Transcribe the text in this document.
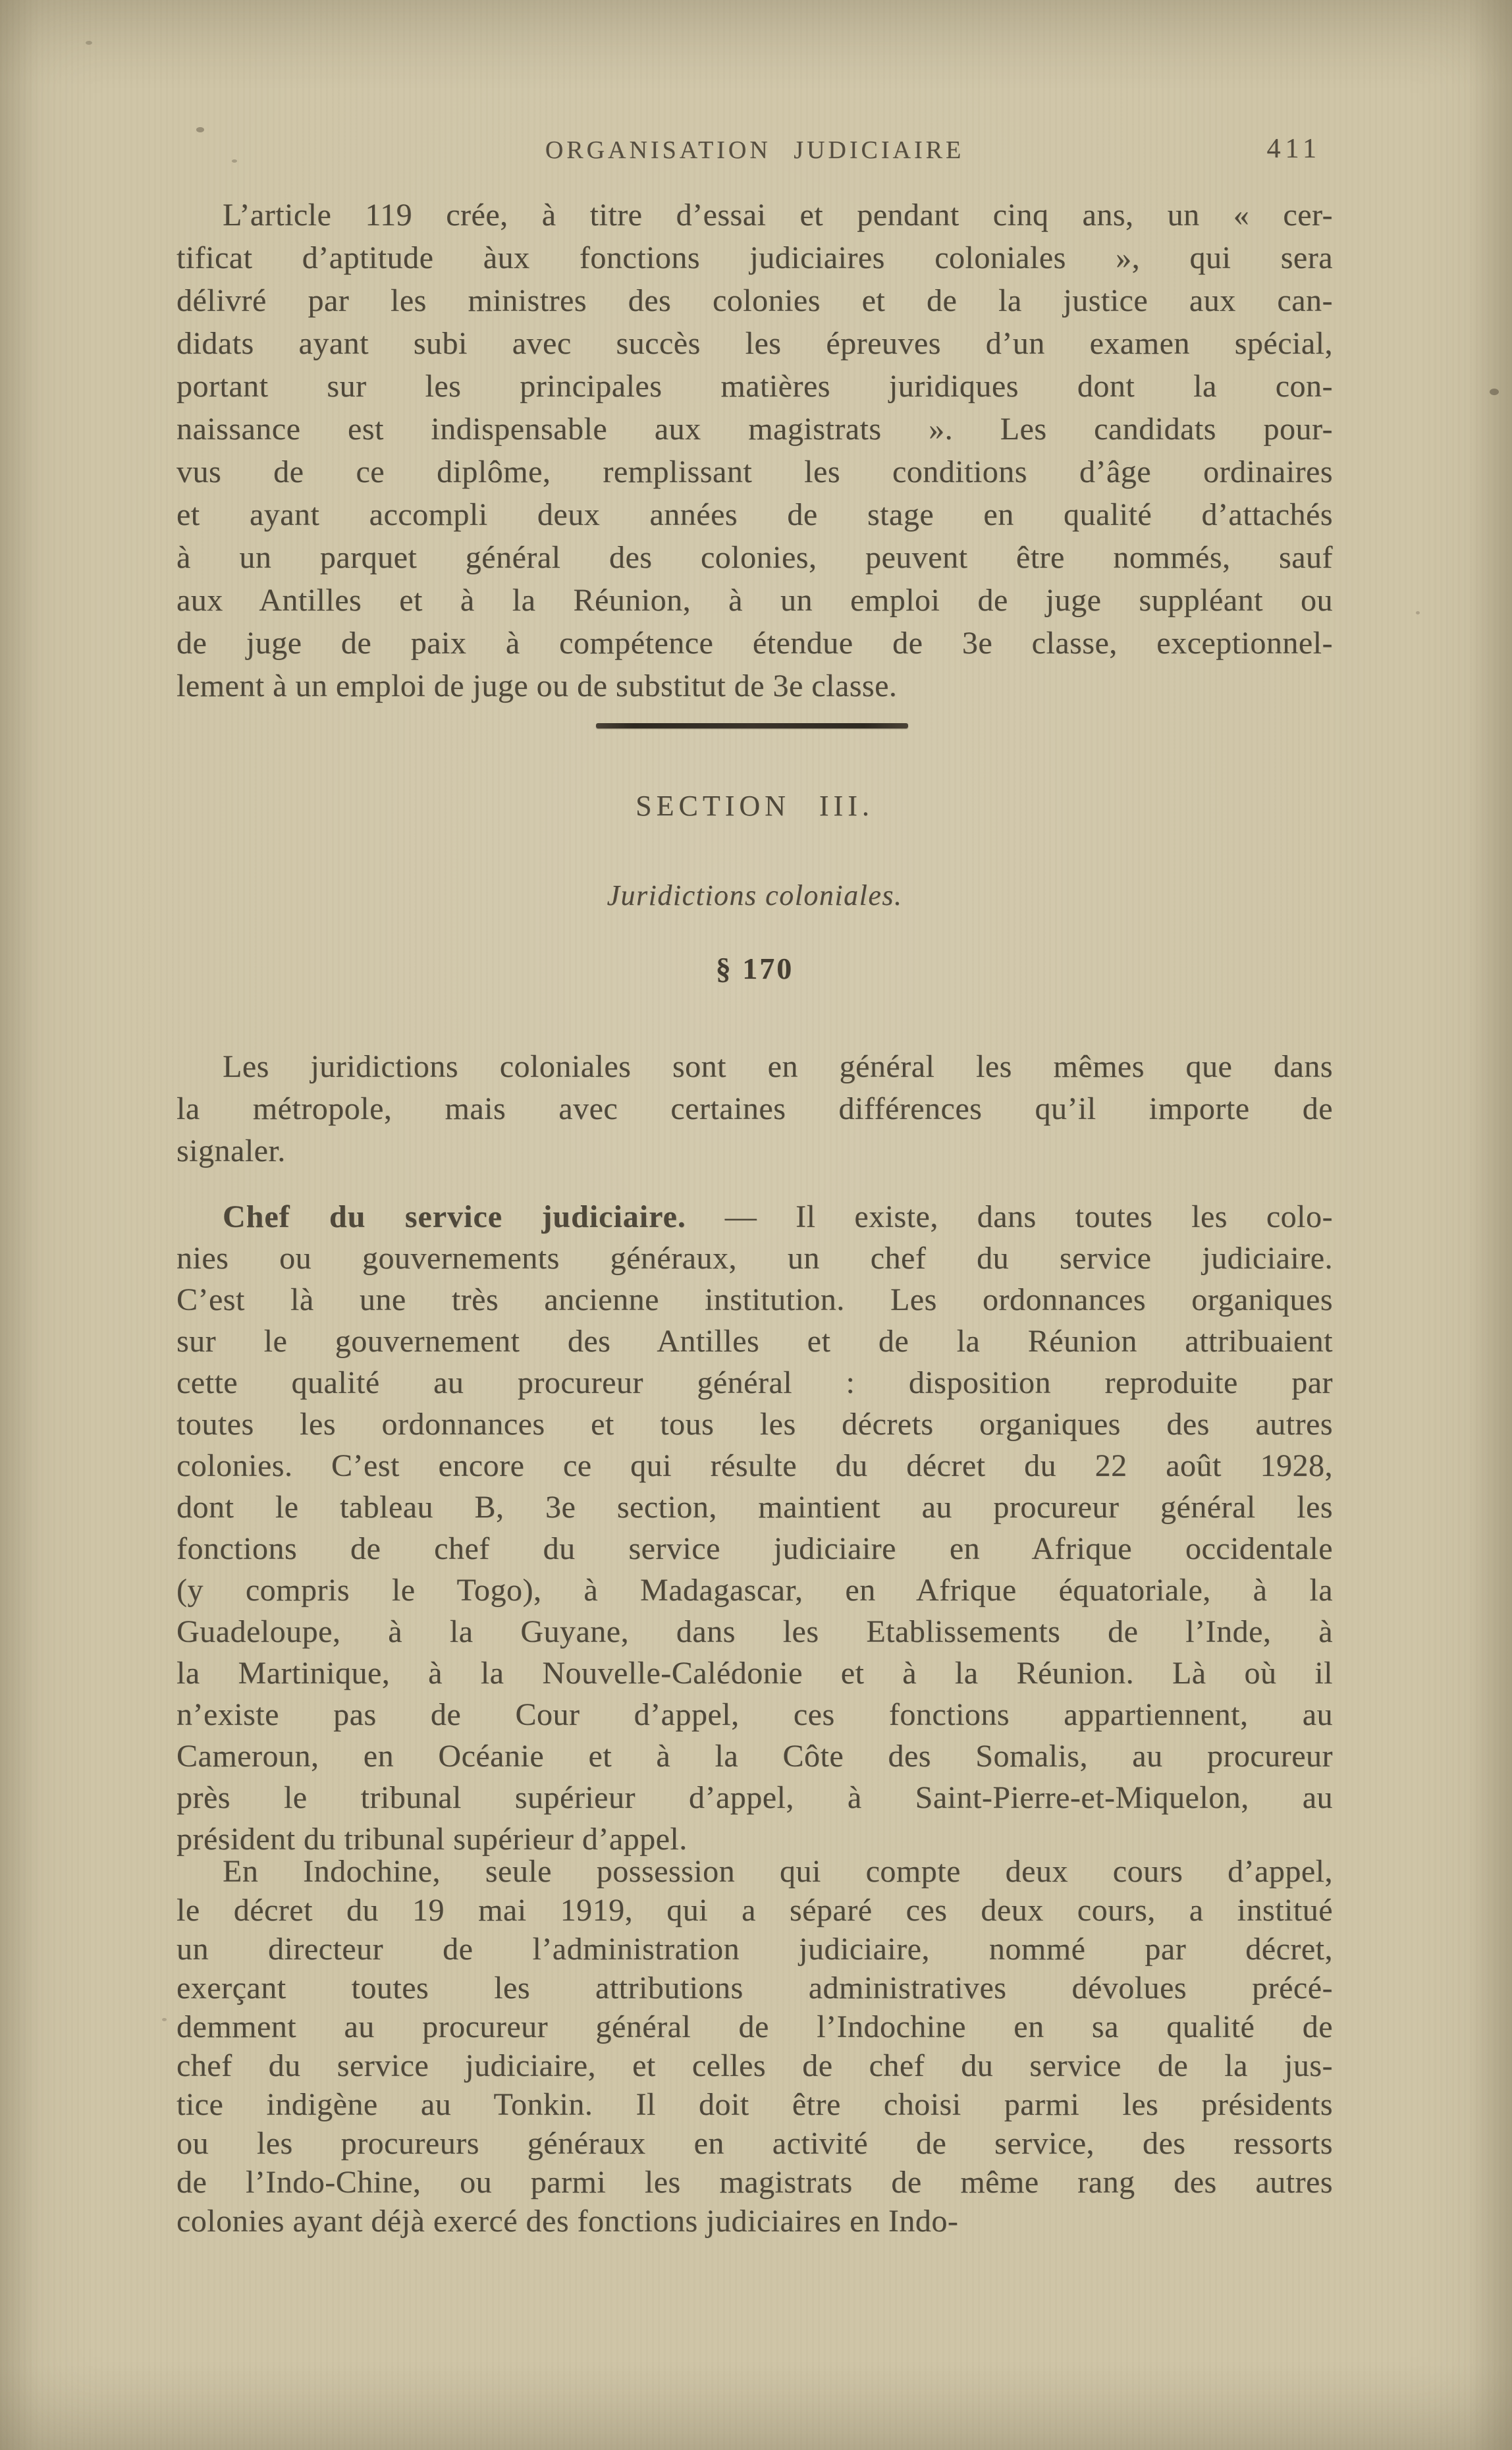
ORGANISATION JUDICIAIRE	411
L’article 119 crée, à titre d’essai et pendant cinq ans, un « cer-
tificat d’aptitude àux fonctions judiciaires coloniales », qui sera
délivré par les ministres des colonies et de la justice aux can-
didats ayant subi avec succès les épreuves d’un examen spécial,
portant sur les principales matières juridiques dont la con-
naissance est indispensable aux magistrats ». Les candidats pour-
vus de ce diplôme, remplissant les conditions d’âge ordinaires
et ayant accompli deux années de stage en qualité d’attachés
à un parquet général des colonies, peuvent être nommés, sauf
aux Antilles et à la Réunion, à un emploi de juge suppléant ou
de juge de paix à compétence étendue de 3e classe, exceptionnel-
lement à un emploi de juge ou de substitut de 3e classe.
SECTION III.
Juridictions coloniales.
§ 170
Les juridictions coloniales sont en général les mêmes que dans
la métropole, mais avec certaines différences qu’il importe de
signaler.
Chef du service judiciaire. — Il existe, dans toutes les colo-
nies ou gouvernements généraux, un chef du service judiciaire.
C’est là une très ancienne institution. Les ordonnances organiques
sur le gouvernement des Antilles et de la Réunion attribuaient
cette qualité au procureur général : disposition reproduite par
toutes les ordonnances et tous les décrets organiques des autres
colonies. C’est encore ce qui résulte du décret du 22 août 1928,
dont le tableau B, 3e section, maintient au procureur général les
fonctions de chef du service judiciaire en Afrique occidentale
(y compris le Togo), à Madagascar, en Afrique équatoriale, à la
Guadeloupe, à la Guyane, dans les Etablissements de l’Inde, à
la Martinique, à la Nouvelle-Calédonie et à la Réunion. Là où il
n’existe pas de Cour d’appel, ces fonctions appartiennent, au
Cameroun, en Océanie et à la Côte des Somalis, au procureur
près le tribunal supérieur d’appel, à Saint-Pierre-et-Miquelon, au
président du tribunal supérieur d’appel.
En Indochine, seule possession qui compte deux cours d’appel,
le décret du 19 mai 1919, qui a séparé ces deux cours, a institué
un directeur de l’administration judiciaire, nommé par décret,
exerçant toutes les attributions administratives dévolues précé-
demment au procureur général de l’Indochine en sa qualité de
chef du service judiciaire, et celles de chef du service de la jus-
tice indigène au Tonkin. Il doit être choisi parmi les présidents
ou les procureurs généraux en activité de service, des ressorts
de l’Indo-Chine, ou parmi les magistrats de même rang des autres
colonies ayant déjà exercé des fonctions judiciaires en Indo-
